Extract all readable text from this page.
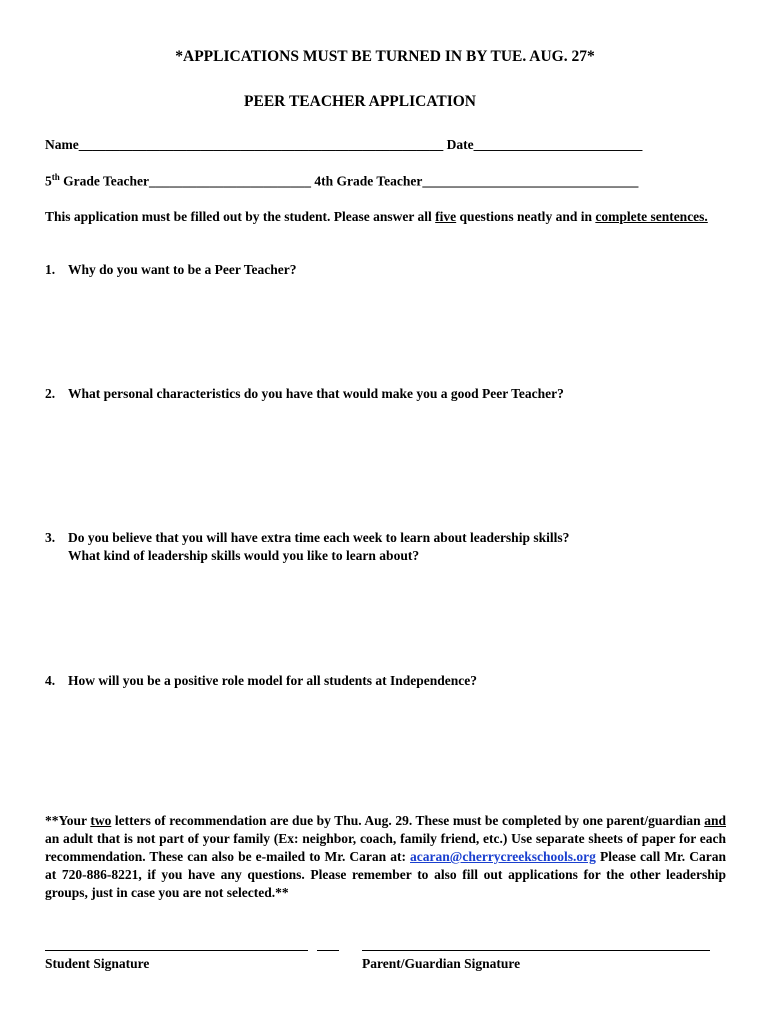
*APPLICATIONS MUST BE TURNED IN BY TUE. AUG. 27*
PEER TEACHER APPLICATION
Name______________________________________________________ Date_________________________
5th Grade Teacher________________________ 4th Grade Teacher________________________________
This application must be filled out by the student. Please answer all five questions neatly and in complete sentences.
1. Why do you want to be a Peer Teacher?
2. What personal characteristics do you have that would make you a good Peer Teacher?
3. Do you believe that you will have extra time each week to learn about leadership skills?
What kind of leadership skills would you like to learn about?
4. How will you be a positive role model for all students at Independence?
**Your two letters of recommendation are due by Thu. Aug. 29. These must be completed by one parent/guardian and an adult that is not part of your family (Ex: neighbor, coach, family friend, etc.) Use separate sheets of paper for each recommendation. These can also be e-mailed to Mr. Caran at: acaran@cherrycreekschools.org Please call Mr. Caran at 720-886-8221, if you have any questions. Please remember to also fill out applications for the other leadership groups, just in case you are not selected.**
Student Signature	Parent/Guardian Signature
